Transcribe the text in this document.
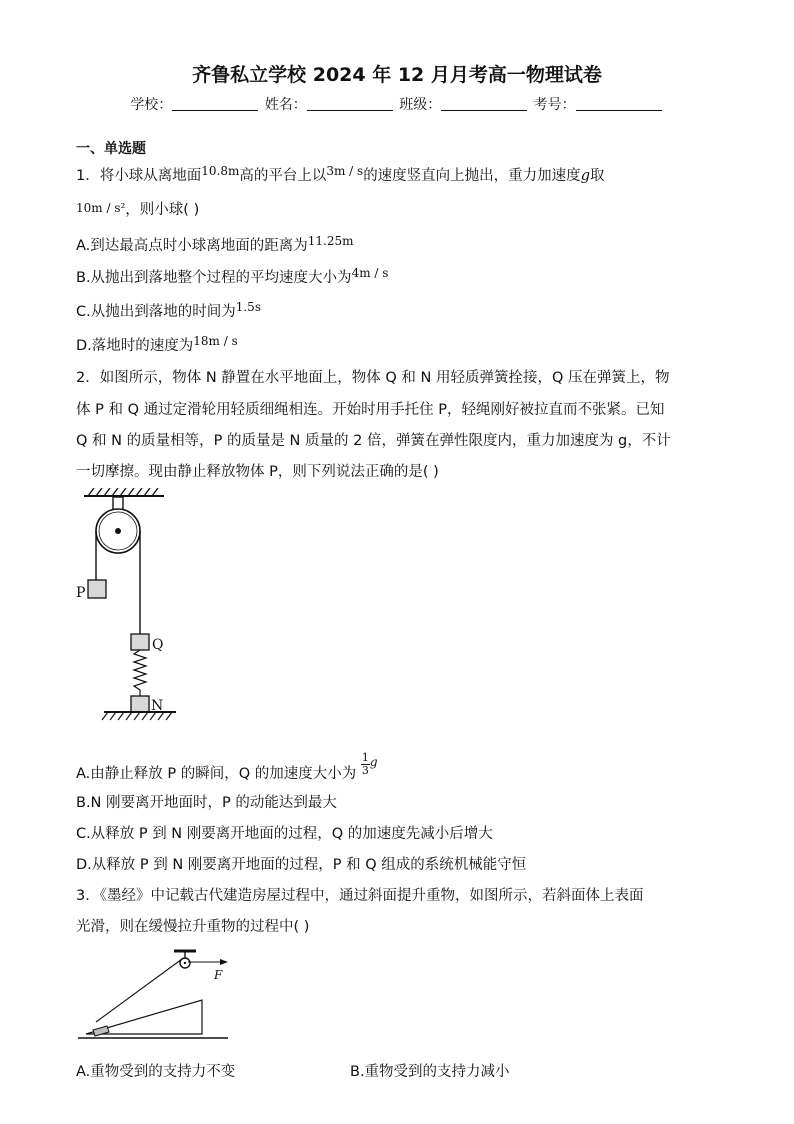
齐鲁私立学校 2024 年 12 月月考高一物理试卷
学校：	姓名：	班级：	考号：
一、单选题
1．将小球从离地面$^{10.8m}$高的平台上以$^{3m / s}$的速度竖直向上抛出，重力加速度g取
10m / s²，则小球( )
A.到达最高点时小球离地面的距离为$^{11.25m}$
B.从抛出到落地整个过程的平均速度大小为$^{4m / s}$
C.从抛出到落地的时间为$^{1.5s}$
D.落地时的速度为$^{18m / s}$
2．如图所示，物体 N 静置在水平地面上，物体 Q 和 N 用轻质弹簧拴接，Q 压在弹簧上，物
体 P 和 Q 通过定滑轮用轻质细绳相连。开始时用手托住 P，轻绳刚好被拉直而不张紧。已知
Q 和 N 的质量相等，P 的质量是 N 质量的 2 倍，弹簧在弹性限度内，重力加速度为 g，不计
一切摩擦。现由静止释放物体 P，则下列说法正确的是( )
P
Q
N
A.由静止释放 P 的瞬间，Q 的加速度大小为 $\frac{1}{3} ^g$
B.N 刚要离开地面时，P 的动能达到最大
C.从释放 P 到 N 刚要离开地面的过程，Q 的加速度先减小后增大
D.从释放 P 到 N 刚要离开地面的过程，P 和 Q 组成的系统机械能守恒
3．《墨经》中记载古代建造房屋过程中，通过斜面提升重物，如图所示，若斜面体上表面
光滑，则在缓慢拉升重物的过程中( )
F
A.重物受到的支持力不变	B.重物受到的支持力减小
